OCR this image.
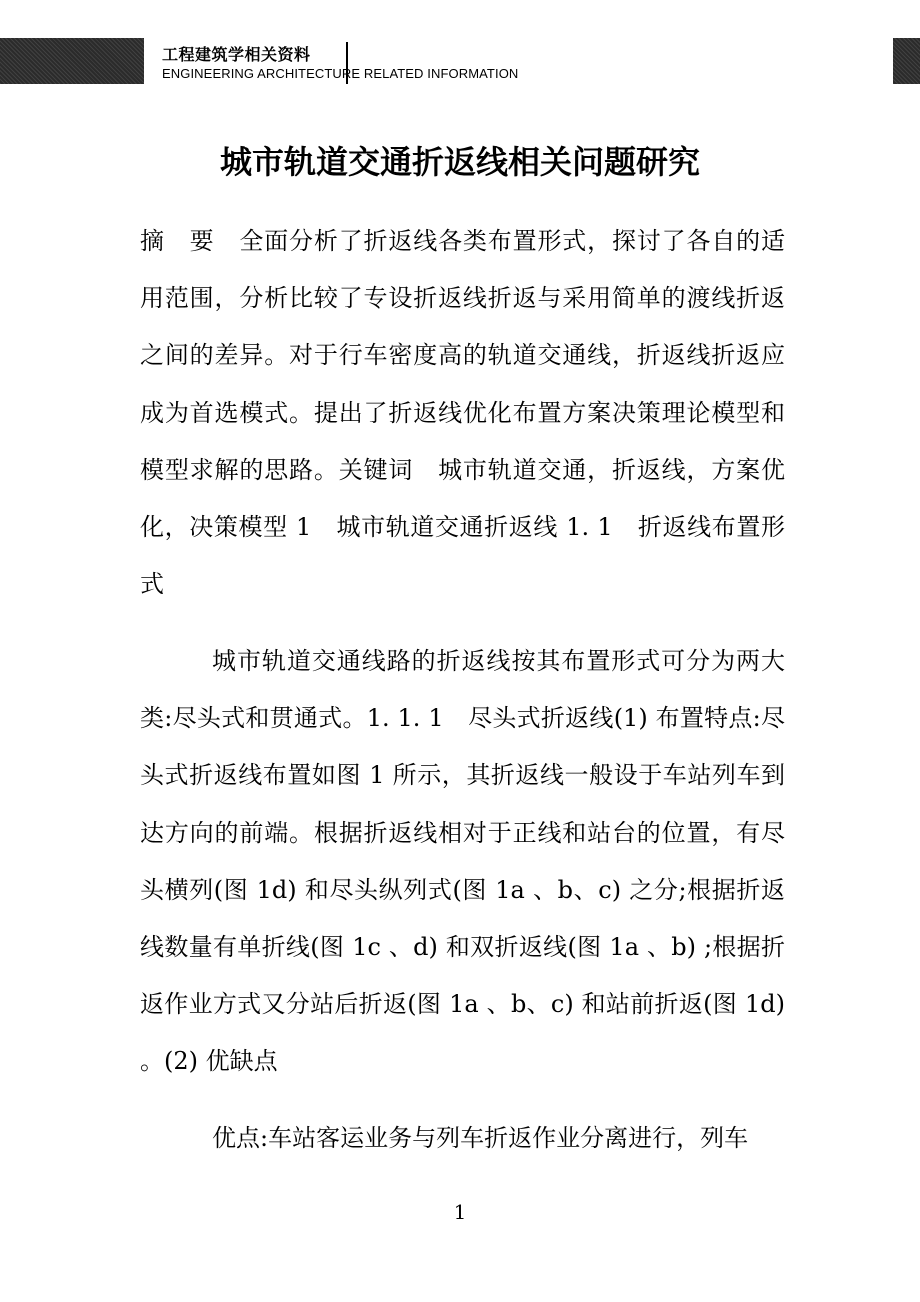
工程建筑学相关资料
ENGINEERING ARCHITECTURE RELATED INFORMATION
城市轨道交通折返线相关问题研究

摘　要　全面分析了折返线各类布置形式，探讨了各自的适用范围，分析比较了专设折返线折返与采用简单的渡线折返之间的差异。对于行车密度高的轨道交通线，折返线折返应成为首选模式。提出了折返线优化布置方案决策理论模型和模型求解的思路。关键词　城市轨道交通，折返线，方案优化，决策模型 1　城市轨道交通折返线 1. 1　折返线布置形式

城市轨道交通线路的折返线按其布置形式可分为两大类:尽头式和贯通式。1. 1. 1　尽头式折返线(1) 布置特点:尽头式折返线布置如图 1 所示，其折返线一般设于车站列车到达方向的前端。根据折返线相对于正线和站台的位置，有尽头横列(图 1d) 和尽头纵列式(图 1a 、b、c) 之分;根据折返线数量有单折线(图 1c 、d) 和双折返线(图 1a 、b) ;根据折返作业方式又分站后折返(图 1a 、b、c) 和站前折返(图 1d) 。(2) 优缺点

优点:车站客运业务与列车折返作业分离进行，列车

1
